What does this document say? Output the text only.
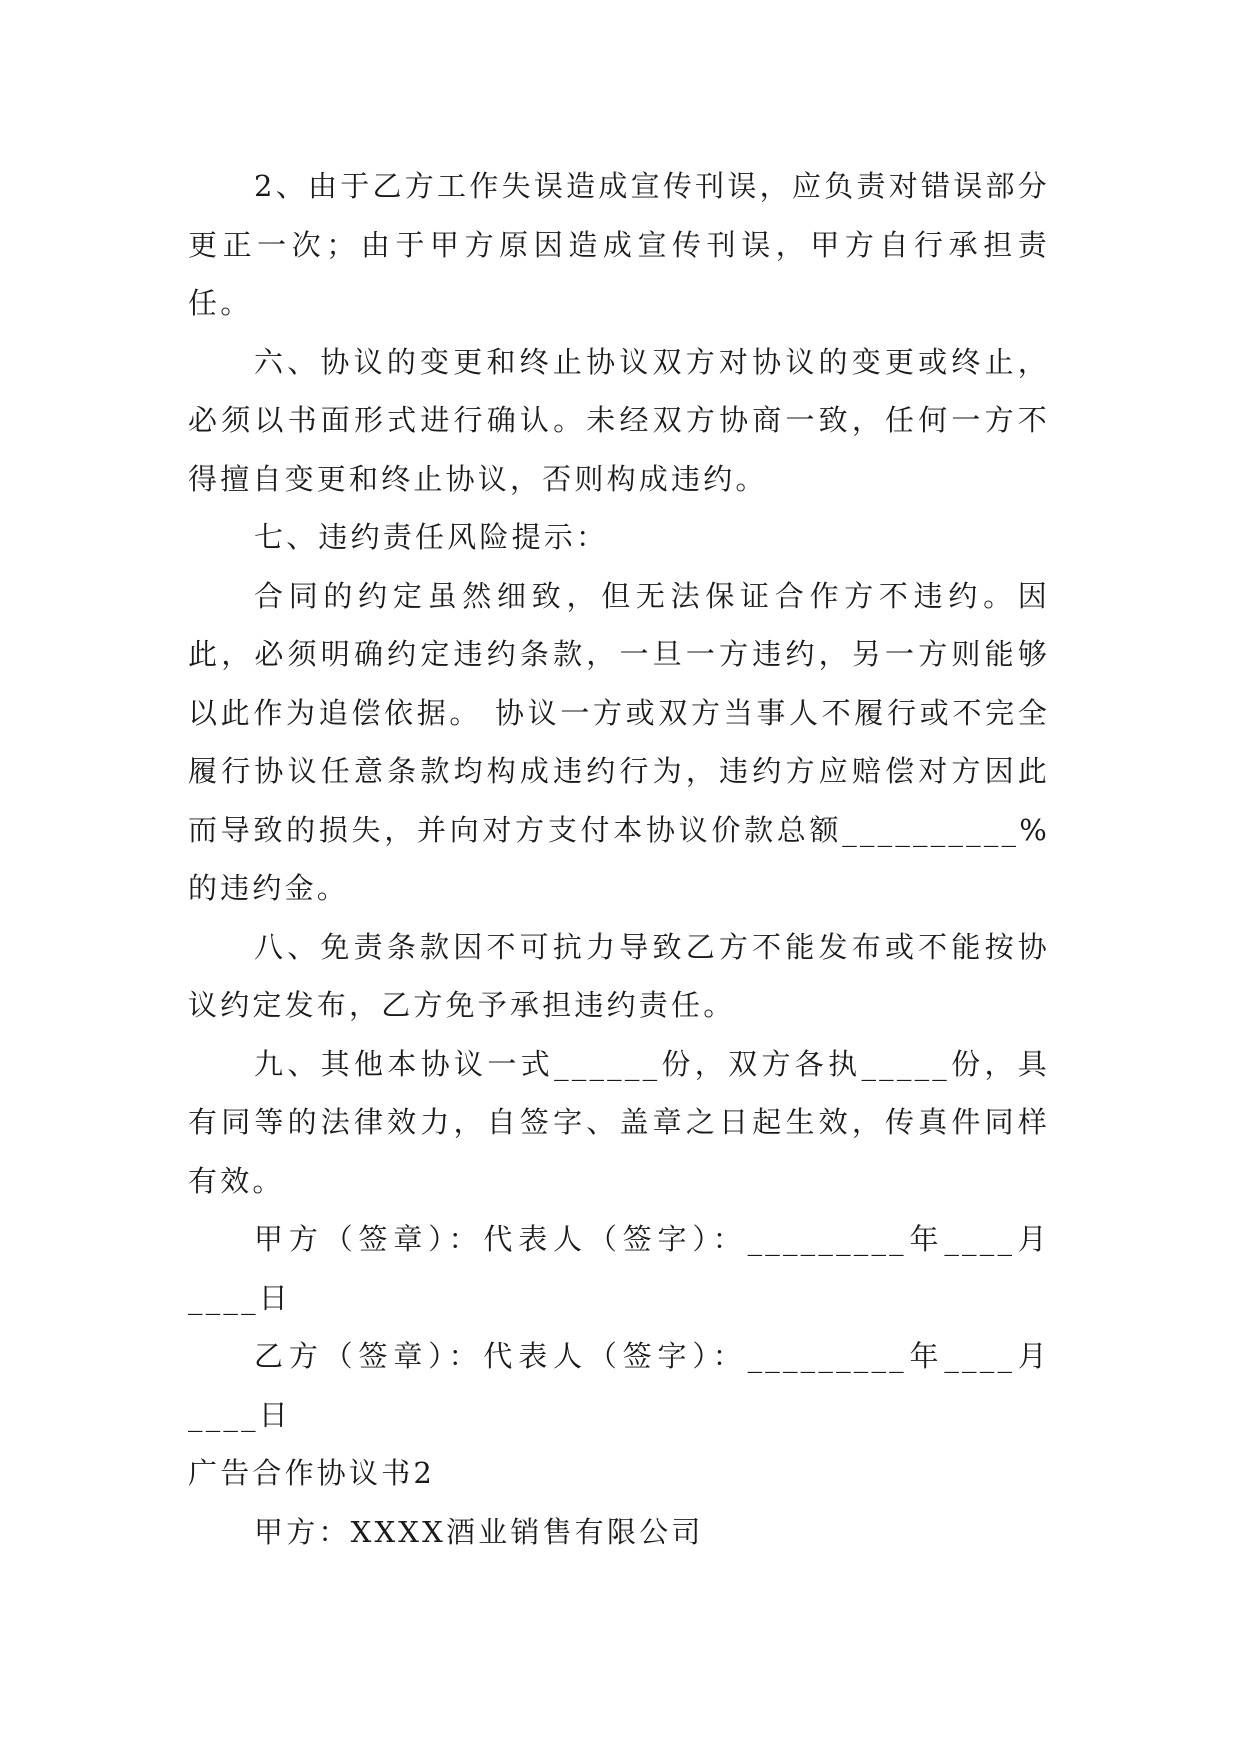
2、由于乙方工作失误造成宣传刊误，应负责对错误部分更正一次；由于甲方原因造成宣传刊误，甲方自行承担责任。

六、协议的变更和终止协议双方对协议的变更或终止，必须以书面形式进行确认。未经双方协商一致，任何一方不得擅自变更和终止协议，否则构成违约。

七、违约责任风险提示：

合同的约定虽然细致，但无法保证合作方不违约。因此，必须明确约定违约条款，一旦一方违约，另一方则能够以此作为追偿依据。 协议一方或双方当事人不履行或不完全履行协议任意条款均构成违约行为，违约方应赔偿对方因此而导致的损失，并向对方支付本协议价款总额__________%的违约金。

八、免责条款因不可抗力导致乙方不能发布或不能按协议约定发布，乙方免予承担违约责任。

九、其他本协议一式______份，双方各执_____份，具有同等的法律效力，自签字、盖章之日起生效，传真件同样有效。

甲方（签章）：代表人（签字）：_________年____月____日

乙方（签章）：代表人（签字）：_________年____月____日

广告合作协议书2

甲方：XXXX酒业销售有限公司
